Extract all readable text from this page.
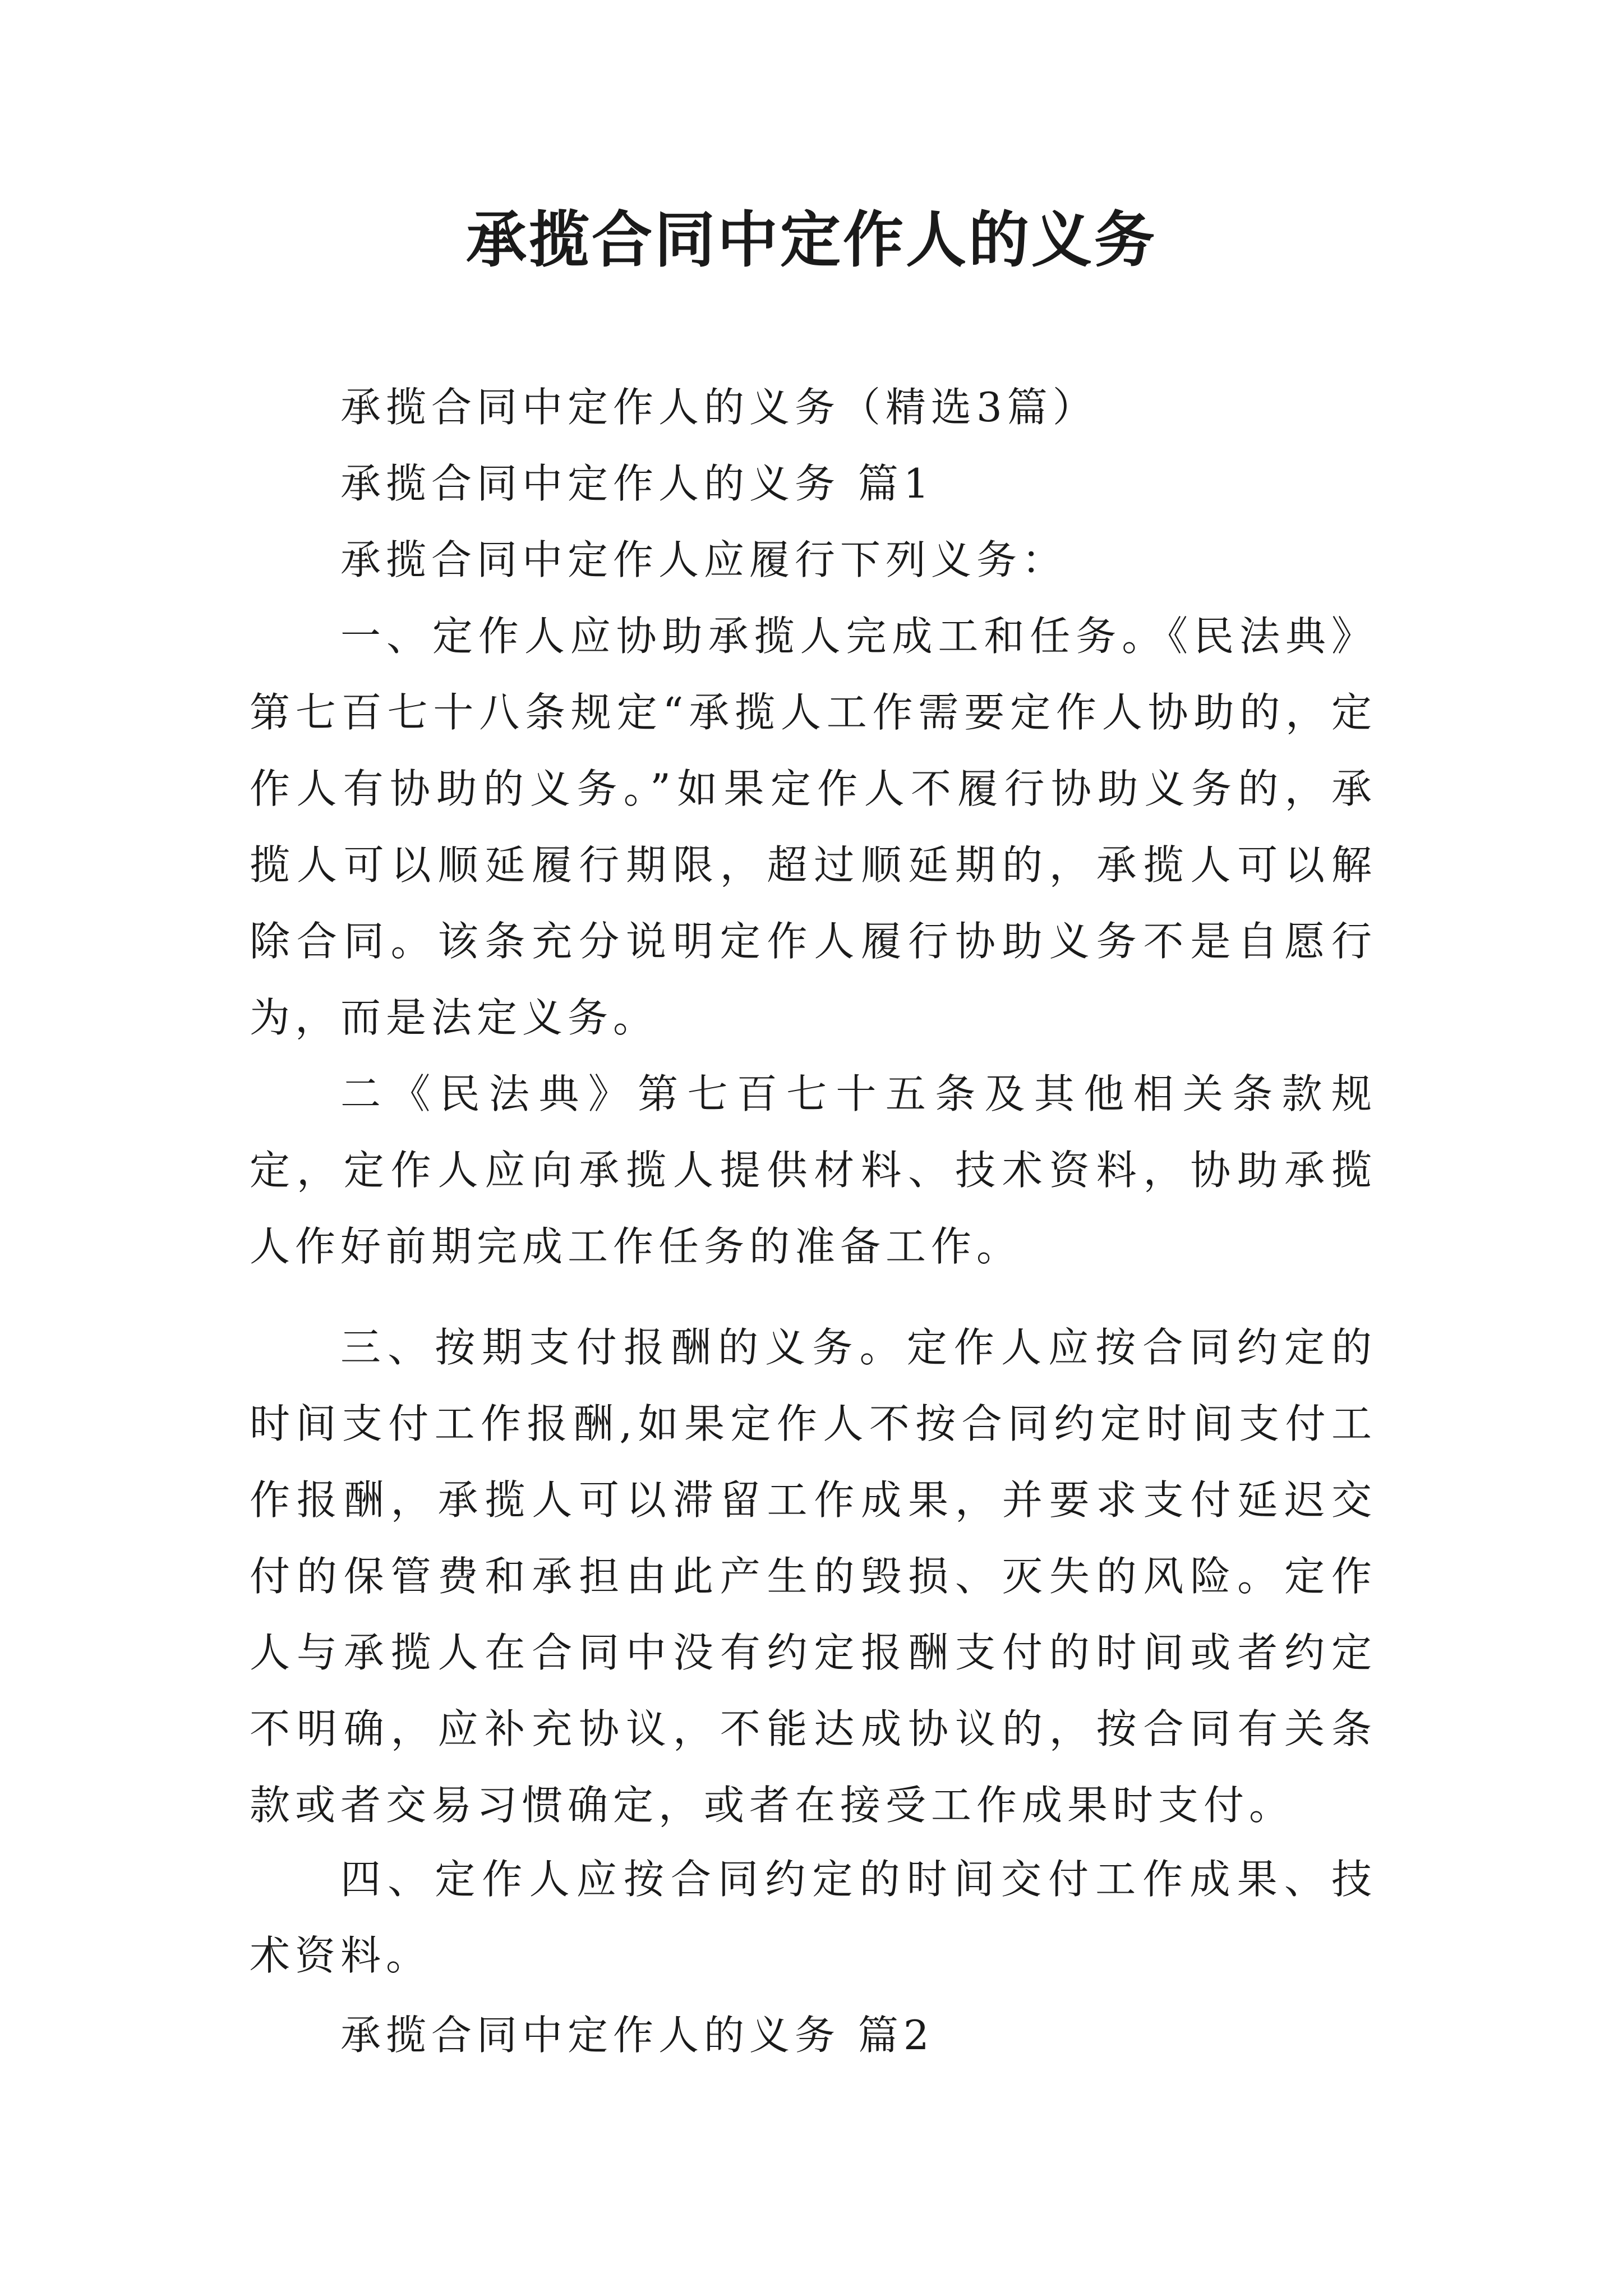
承揽合同中定作人的义务
承揽合同中定作人的义务（精选3篇）
承揽合同中定作人的义务 篇1
承揽合同中定作人应履行下列义务：

一、定作人应协助承揽人完成工和任务。《民法典》第七百七十八条规定“承揽人工作需要定作人协助的，定作人有协助的义务。”如果定作人不履行协助义务的，承揽人可以顺延履行期限，超过顺延期的，承揽人可以解除合同。该条充分说明定作人履行协助义务不是自愿行为，而是法定义务。

二《民法典》第七百七十五条及其他相关条款规定，定作人应向承揽人提供材料、技术资料，协助承揽人作好前期完成工作任务的准备工作。

三、按期支付报酬的义务。定作人应按合同约定的时间支付工作报酬,如果定作人不按合同约定时间支付工作报酬，承揽人可以滞留工作成果，并要求支付延迟交付的保管费和承担由此产生的毁损、灭失的风险。定作人与承揽人在合同中没有约定报酬支付的时间或者约定不明确，应补充协议，不能达成协议的，按合同有关条款或者交易习惯确定，或者在接受工作成果时支付。

四、定作人应按合同约定的时间交付工作成果、技术资料。

承揽合同中定作人的义务 篇2
